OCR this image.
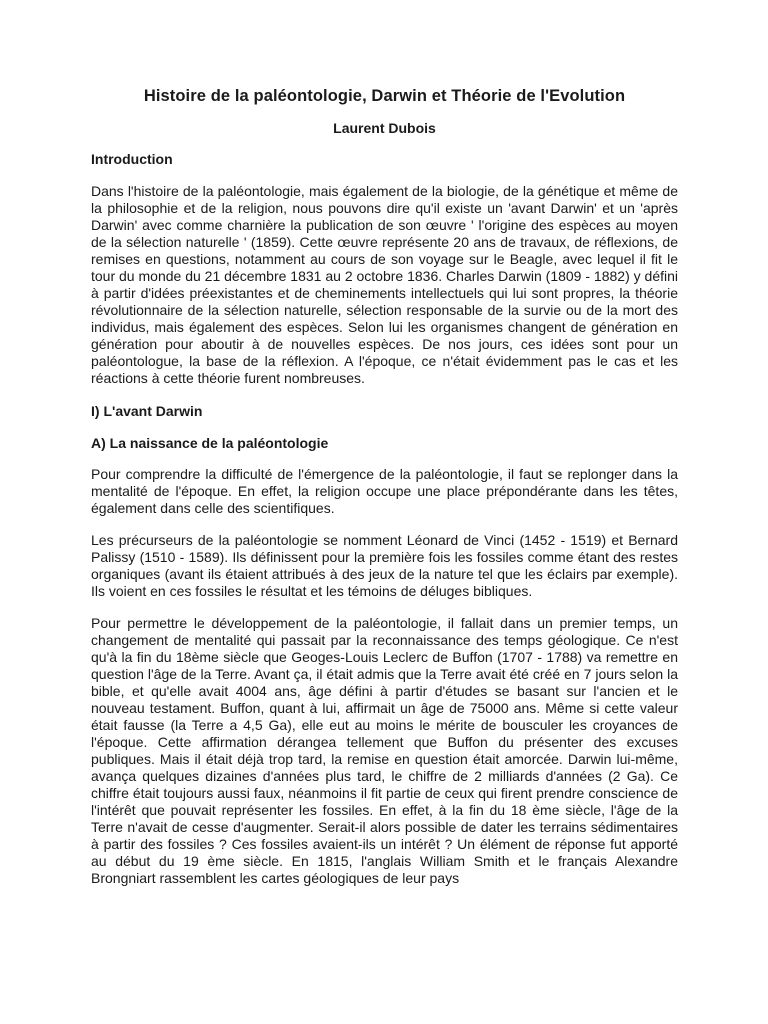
Histoire de la paléontologie, Darwin et Théorie de l'Evolution
Laurent Dubois
Introduction

Dans l'histoire de la paléontologie, mais également de la biologie, de la génétique et même de la philosophie et de la religion, nous pouvons dire qu'il existe un 'avant Darwin' et un 'après Darwin' avec comme charnière la publication de son œuvre ' l'origine des espèces au moyen de la sélection naturelle ' (1859). Cette œuvre représente 20 ans de travaux, de réflexions, de remises en questions, notamment au cours de son voyage sur le Beagle, avec lequel il fit le tour du monde du 21 décembre 1831 au 2 octobre 1836. Charles Darwin (1809 - 1882) y défini à partir d'idées préexistantes et de cheminements intellectuels qui lui sont propres, la théorie révolutionnaire de la sélection naturelle, sélection responsable de la survie ou de la mort des individus, mais également des espèces. Selon lui les organismes changent de génération en génération pour aboutir à de nouvelles espèces. De nos jours, ces idées sont pour un paléontologue, la base de la réflexion. A l'époque, ce n'était évidemment pas le cas et les réactions à cette théorie furent nombreuses.

I) L'avant Darwin
A) La naissance de la paléontologie

Pour comprendre la difficulté de l'émergence de la paléontologie, il faut se replonger dans la mentalité de l'époque. En effet, la religion occupe une place prépondérante dans les têtes, également dans celle des scientifiques.

Les précurseurs de la paléontologie se nomment Léonard de Vinci (1452 - 1519) et Bernard Palissy (1510 - 1589). Ils définissent pour la première fois les fossiles comme étant des restes organiques (avant ils étaient attribués à des jeux de la nature tel que les éclairs par exemple). Ils voient en ces fossiles le résultat et les témoins de déluges bibliques.

Pour permettre le développement de la paléontologie, il fallait dans un premier temps, un changement de mentalité qui passait par la reconnaissance des temps géologique. Ce n'est qu'à la fin du 18ème siècle que Geoges-Louis Leclerc de Buffon (1707 - 1788) va remettre en question l'âge de la Terre. Avant ça, il était admis que la Terre avait été créé en 7 jours selon la bible, et qu'elle avait 4004 ans, âge défini à partir d'études se basant sur l'ancien et le nouveau testament. Buffon, quant à lui, affirmait un âge de 75000 ans. Même si cette valeur était fausse (la Terre a 4,5 Ga), elle eut au moins le mérite de bousculer les croyances de l'époque. Cette affirmation dérangea tellement que Buffon du présenter des excuses publiques. Mais il était déjà trop tard, la remise en question était amorcée. Darwin lui-même, avança quelques dizaines d'années plus tard, le chiffre de 2 milliards d'années (2 Ga). Ce chiffre était toujours aussi faux, néanmoins il fit partie de ceux qui firent prendre conscience de l'intérêt que pouvait représenter les fossiles. En effet, à la fin du 18 ème siècle, l'âge de la Terre n'avait de cesse d'augmenter. Serait-il alors possible de dater les terrains sédimentaires à partir des fossiles ? Ces fossiles avaient-ils un intérêt ? Un élément de réponse fut apporté au début du 19 ème siècle. En 1815, l'anglais William Smith et le français Alexandre Brongniart rassemblent les cartes géologiques de leur pays
